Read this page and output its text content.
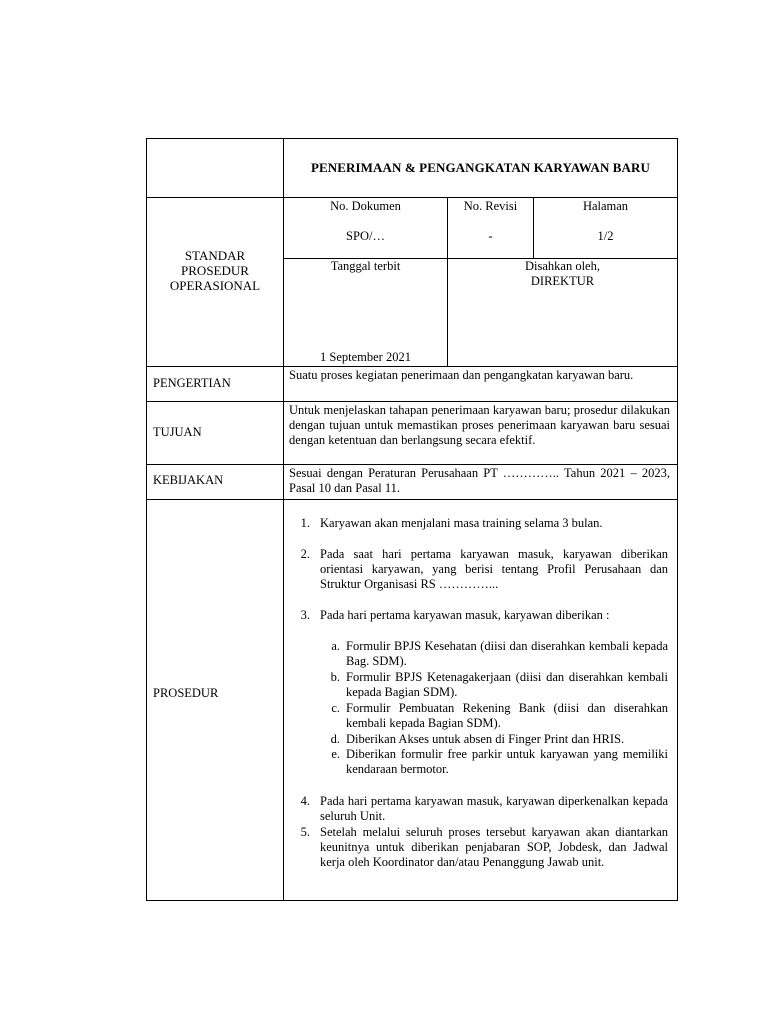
PENERIMAAN & PENGANGKATAN KARYAWAN BARU
STANDAR
PROSEDUR
OPERASIONAL
No. Dokumen
SPO/…
No. Revisi
-
Halaman
1/2
Tanggal terbit
1 September 2021
Disahkan oleh,
DIREKTUR
PENGERTIAN
Suatu proses kegiatan penerimaan dan pengangkatan karyawan baru.
TUJUAN
Untuk menjelaskan tahapan penerimaan karyawan baru; prosedur dilakukan dengan tujuan untuk memastikan proses penerimaan karyawan baru sesuai dengan ketentuan dan berlangsung secara efektif.
KEBIJAKAN	Sesuai dengan Peraturan Perusahaan PT ………….. Tahun 2021 – 2023, Pasal 10 dan Pasal 11.
PROSEDUR
1. Karyawan akan menjalani masa training selama 3 bulan.
2. Pada saat hari pertama karyawan masuk, karyawan diberikan orientasi karyawan, yang berisi tentang Profil Perusahaan dan Struktur Organisasi RS …………...
3. Pada hari pertama karyawan masuk, karyawan diberikan :
a. Formulir BPJS Kesehatan (diisi dan diserahkan kembali kepada Bag. SDM).
b. Formulir BPJS Ketenagakerjaan (diisi dan diserahkan kembali kepada Bagian SDM).
c. Formulir Pembuatan Rekening Bank (diisi dan diserahkan kembali kepada Bagian SDM).
d. Diberikan Akses untuk absen di Finger Print dan HRIS.
e. Diberikan formulir free parkir untuk karyawan yang memiliki kendaraan bermotor.
4. Pada hari pertama karyawan masuk, karyawan diperkenalkan kepada seluruh Unit.
5. Setelah melalui seluruh proses tersebut karyawan akan diantarkan keunitnya untuk diberikan penjabaran SOP, Jobdesk, dan Jadwal kerja oleh Koordinator dan/atau Penanggung Jawab unit.
